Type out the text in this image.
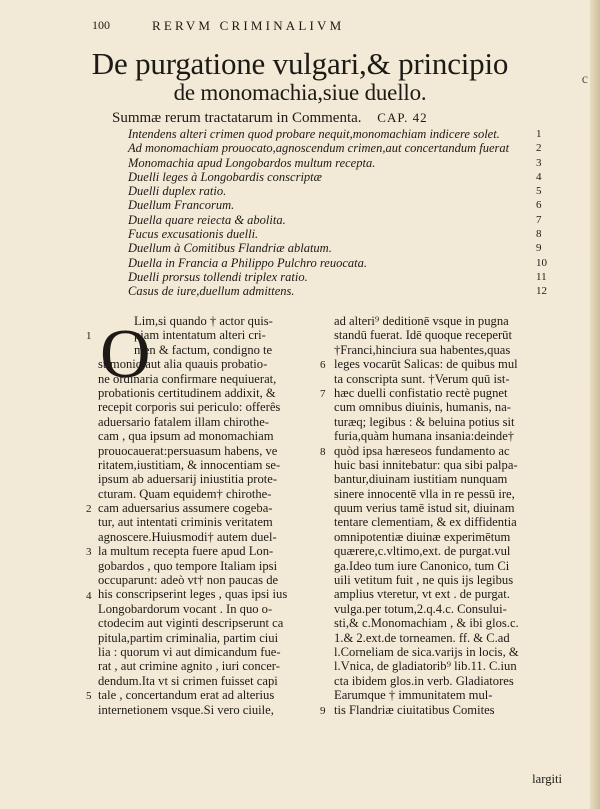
100	RERVM CRIMINALIVM
De purgatione vulgari,& principio
de monomachia,siue duello.
c
Summæ rerum tractatarum in Commenta. CAP. 42
Intendens alteri crimen quod probare nequit,monomachiam indicere solet.	1
Ad monomachiam prouocato,agnoscendum crimen,aut concertandum fuerat 2
Monomachia apud Longobardos multum recepta.	3
Duelli leges à Longobardis conscriptæ	4
Duelli duplex ratio.	5
Duellum Francorum.	6
Duella quare reiecta & abolita.	7
Fucus excusationis duelli.	8
Duellum à Comitibus Flandriæ ablatum.	9
Duella in Francia a Philippo Pulchro reuocata.	10
Duelli prorsus tollendi triplex ratio.	11
Casus de iure,duellum admittens.	12
O
Lim,si quando † actor quis-
piam intentatum alteri cri-
men & factum, condigno te
stimonio,aut alia quauis probatio-
ne ordinaria confirmare nequiuerat,
probationis certitudinem addixit, &
recepit corporis sui periculo: offerês
aduersario fatalem illam chirothe-
cam , qua ipsum ad monomachiam
prouocauerat:persuasum habens, ve
ritatem,iustitiam, & innocentiam se-
ipsum ab aduersarij iniustitia prote-
cturam. Quam equidem† chirothe-
cam aduersarius assumere cogeba-
tur, aut intentati criminis veritatem
agnoscere.Huiusmodi† autem duel-
la multum recepta fuere apud Lon-
gobardos , quo tempore Italiam ipsi
occuparunt: adeò vt† non paucas de
his conscripserint leges , quas ipsi ius
Longobardorum vocant . In quo o-
ctodecim aut viginti descripserunt ca
pitula,partim criminalia, partim ciui
lia : quorum vi aut dimicandum fue-
rat , aut crimine agnito , iuri concer-
dendum.Ita vt si crimen fuisset capi
tale , concertandum erat ad alterius
internetionem vsque.Si vero ciuile,
ad alteri⁹ deditionē vsque in pugna
standū fuerat. Idē quoque receperūt
†Franci,hinciura sua habentes,quas
leges vocarūt Salicas: de quibus mul
ta conscripta sunt. †Verum quū ist-
hæc duelli confistatio rectè pugnet
cum omnibus diuinis, humanis, na-
turæq; legibus : & beluina potius sit
furia,quàm humana insania:deinde†
quòd ipsa hæreseos fundamento ac
huic basi innitebatur: qua sibi palpa-
bantur,diuinam iustitiam nunquam
sinere innocentē vlla in re pessū ire,
quum verius tamē istud sit, diuinam
tentare clementiam, & ex diffidentia
omnipotentiæ diuinæ experimētum
quærere,c.vltimo,ext. de purgat.vul
ga.Ideo tum iure Canonico, tum Ci
uili vetitum fuit , ne quis ijs legibus
amplius vteretur, vt ext . de purgat.
vulga.per totum,2.q.4.c. Consului-
sti,& c.Monomachiam , & ibi glos.c.
1.& 2.ext.de torneamen. ff. & C.ad
l.Corneliam de sica.varijs in locis, &
l.Vnica, de gladiatorib⁹ lib.11. C.iun
cta ibidem glos.in verb. Gladiatores
Earumque † immunitatem mul-
tis Flandriæ ciuitatibus Comites
1
2
3
4
5
6
7
8
9
largiti
